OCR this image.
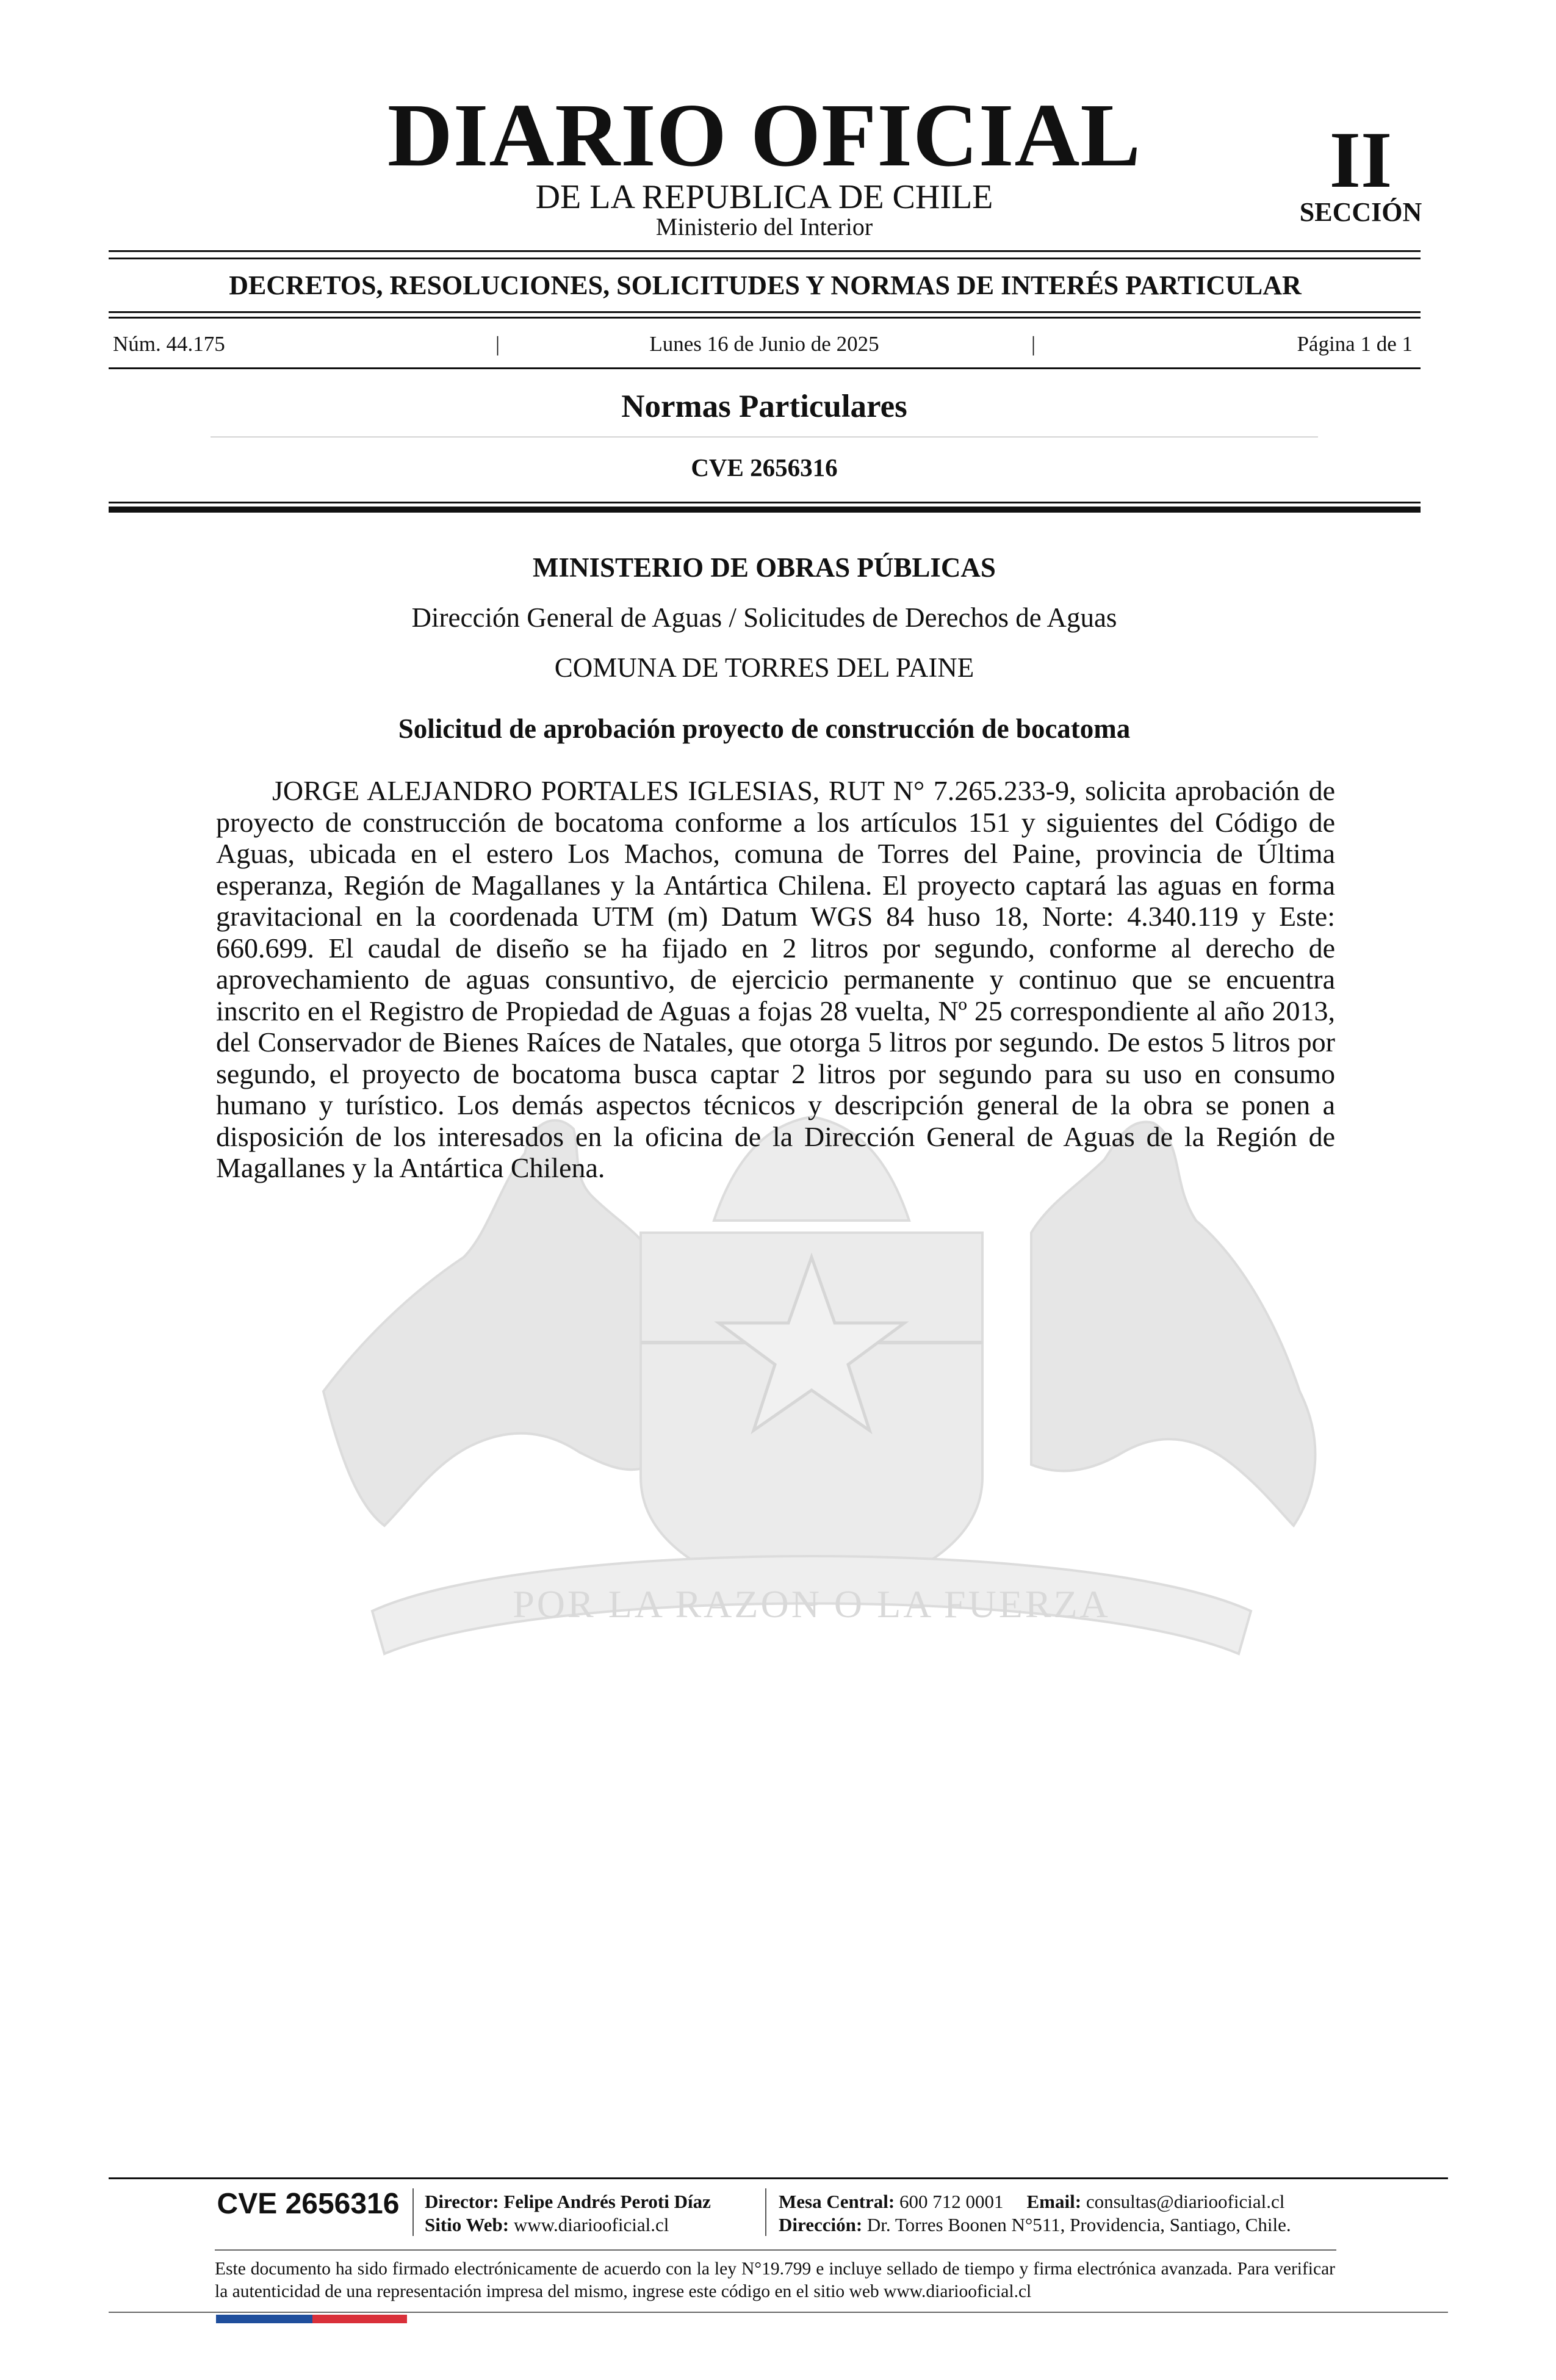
DIARIO OFICIAL
DE LA REPUBLICA DE CHILE
Ministerio del Interior
II
SECCIÓN
DECRETOS, RESOLUCIONES, SOLICITUDES Y NORMAS DE INTERÉS PARTICULAR
Núm. 44.175	|	Lunes 16 de Junio de 2025	|	Página 1 de 1
Normas Particulares
CVE 2656316
POR LA RAZON O LA FUERZA
MINISTERIO DE OBRAS PÚBLICAS
Dirección General de Aguas / Solicitudes de Derechos de Aguas
COMUNA DE TORRES DEL PAINE
Solicitud de aprobación proyecto de construcción de bocatoma
JORGE ALEJANDRO PORTALES IGLESIAS, RUT N° 7.265.233-9, solicita aprobación de proyecto de construcción de bocatoma conforme a los artículos 151 y siguientes del Código de Aguas, ubicada en el estero Los Machos, comuna de Torres del Paine, provincia de Última esperanza, Región de Magallanes y la Antártica Chilena. El proyecto captará las aguas en forma gravitacional en la coordenada UTM (m) Datum WGS 84 huso 18, Norte: 4.340.119 y Este: 660.699. El caudal de diseño se ha fijado en 2 litros por segundo, conforme al derecho de aprovechamiento de aguas consuntivo, de ejercicio permanente y continuo que se encuentra inscrito en el Registro de Propiedad de Aguas a fojas 28 vuelta, Nº 25 correspondiente al año 2013, del Conservador de Bienes Raíces de Natales, que otorga 5 litros por segundo. De estos 5 litros por segundo, el proyecto de bocatoma busca captar 2 litros por segundo para su uso en consumo humano y turístico. Los demás aspectos técnicos y descripción general de la obra se ponen a disposición de los interesados en la oficina de la Dirección General de Aguas de la Región de Magallanes y la Antártica Chilena.
CVE 2656316	Director: Felipe Andrés Peroti Díaz
Sitio Web: www.diariooficial.cl
Mesa Central: 600 712 0001 Email: consultas@diariooficial.cl
Dirección: Dr. Torres Boonen N°511, Providencia, Santiago, Chile.
Este documento ha sido firmado electrónicamente de acuerdo con la ley N°19.799 e incluye sellado de tiempo y firma electrónica avanzada. Para verificar la autenticidad de una representación impresa del mismo, ingrese este código en el sitio web www.diariooficial.cl
